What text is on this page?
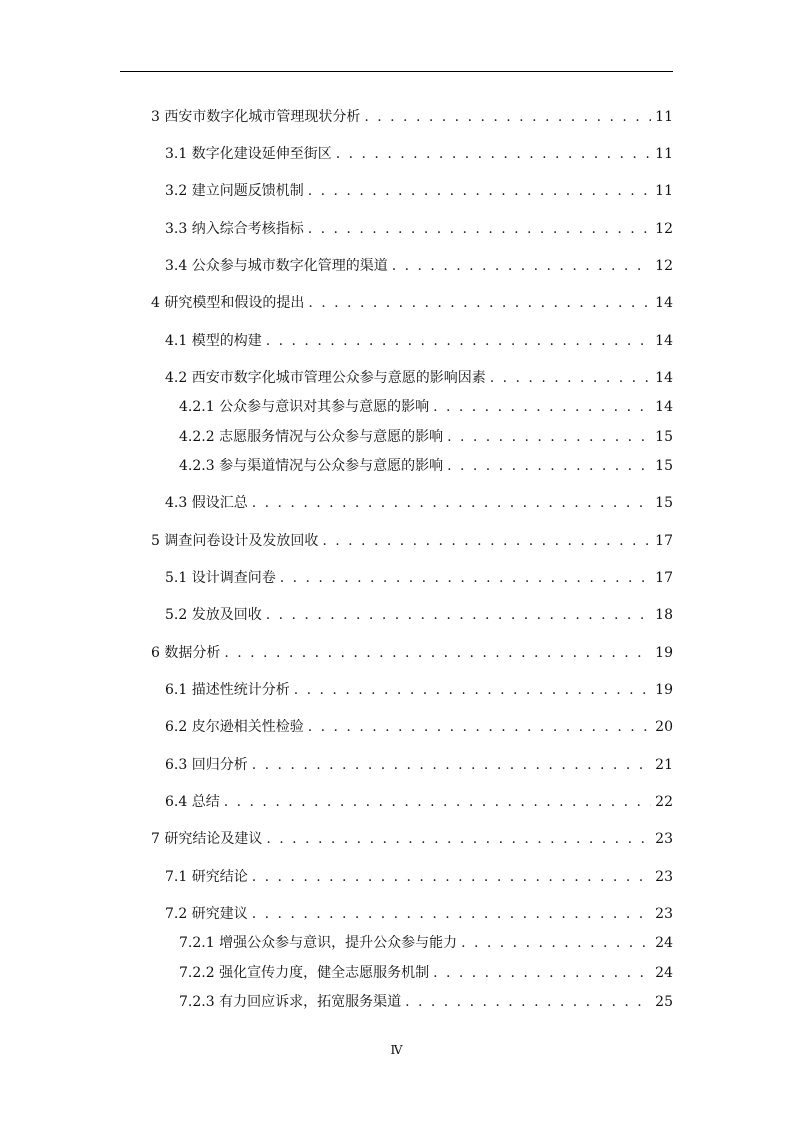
3 西安市数字化城市管理现状分析 . . .	11
3.1 数字化建设延伸至街区 . . .	11
3.2 建立问题反馈机制 . . .	11
3.3 纳入综合考核指标 . . .	12
3.4 公众参与城市数字化管理的渠道 . . .	12
4 研究模型和假设的提出 . . .	14
4.1 模型的构建 . . .	14
4.2 西安市数字化城市管理公众参与意愿的影响因素 . . .	14
4.2.1 公众参与意识对其参与意愿的影响 . . .	14
4.2.2 志愿服务情况与公众参与意愿的影响 . . .	15
4.2.3 参与渠道情况与公众参与意愿的影响 . . .	15
4.3 假设汇总 . . .	15
5 调查问卷设计及发放回收 . . .	17
5.1 设计调查问卷 . . .	17
5.2 发放及回收 . . .	18
6 数据分析 . . .	19
6.1 描述性统计分析 . . .	19
6.2 皮尔逊相关性检验 . . .	20
6.3 回归分析 . . .	21
6.4 总结 . . .	22
7 研究结论及建议 . . .	23
7.1 研究结论 . . .	23
7.2 研究建议 . . .	23
7.2.1 增强公众参与意识，提升公众参与能力 . . .	24
7.2.2 强化宣传力度，健全志愿服务机制 . . .	24
7.2.3 有力回应诉求，拓宽服务渠道 . . .	25
Ⅳ
